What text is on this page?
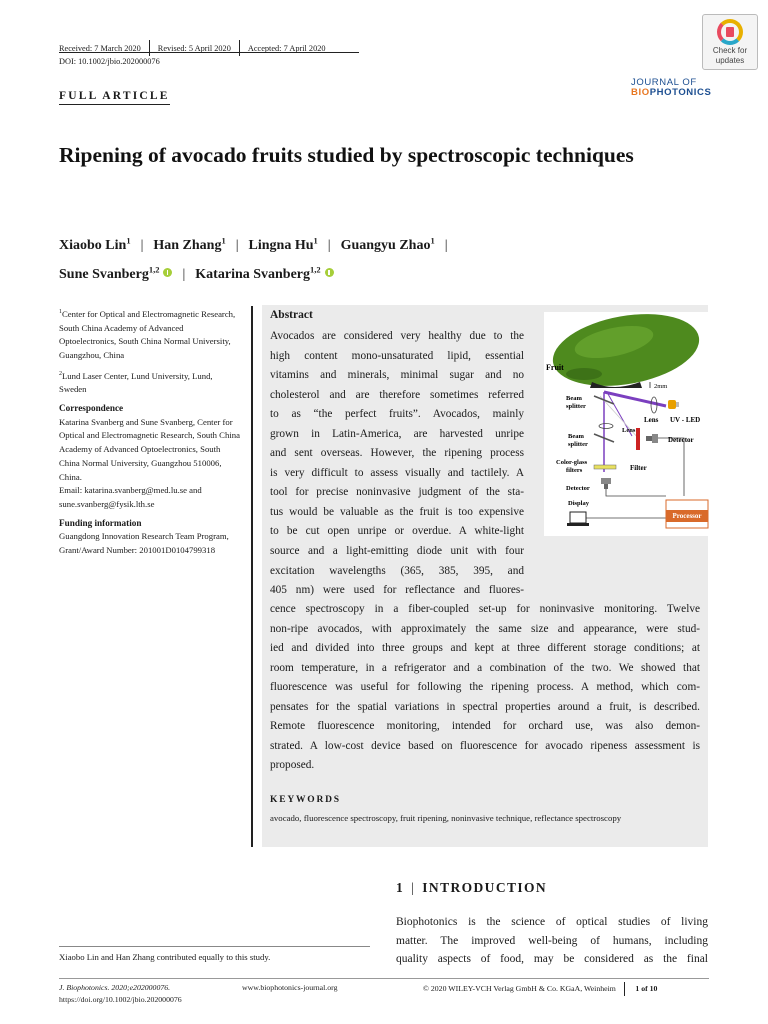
Received: 7 March 2020 Revised: 5 April 2020 Accepted: 7 April 2020
DOI: 10.1002/jbio.202000076
Check for
updates
JOURNAL OF
BIOPHOTONICS
FULL ARTICLE
Ripening of avocado fruits studied by spectroscopic techniques
Xiaobo Lin$^1$ | Han Zhang$^1$ | Lingna Hu$^1$ | Guangyu Zhao$^1$ |
Sune Svanberg$^{1,2}$ | Katarina Svanberg$^{1,2}$

$^1$Center for Optical and Electromagnetic Research, South China Academy of Advanced Optoelectronics, South China Normal University, Guangzhou, China

$^2$Lund Laser Center, Lund University, Lund, Sweden

Correspondence

Katarina Svanberg and Sune Svanberg, Center for Optical and Electromagnetic Research, South China Academy of Advanced Optoelectronics, South China Normal University, Guangzhou 510006, China.
Email: katarina.svanberg@med.lu.se and sune.svanberg@fysik.lth.se

Funding information

Guangdong Innovation Research Team Program, Grant/Award Number: 201001D0104799318

Abstract
Avocados are considered very healthy due to the
high content mono-unsaturated lipid, essential
vitamins and minerals, minimal sugar and no
cholesterol and are therefore sometimes referred
to as “the perfect fruits”. Avocados, mainly
grown in Latin-America, are harvested unripe
and sent overseas. However, the ripening process
is very difficult to assess visually and tactilely. A
tool for precise noninvasive judgment of the sta-
tus would be valuable as the fruit is too expensive
to be cut open unripe or overdue. A white-light
source and a light-emitting diode unit with four
excitation wavelengths (365, 385, 395, and
405 nm) were used for reflectance and fluores-
cence spectroscopy in a fiber-coupled set-up for noninvasive monitoring. Twelve
non-ripe avocados, with approximately the same size and appearance, were stud-
ied and divided into three groups and kept at three different storage conditions; at
room temperature, in a refrigerator and a combination of the two. We showed that
fluorescence was useful for following the ripening process. A method, which com-
pensates for the spatial variations in spectral properties around a fruit, is described.
Remote fluorescence monitoring, intended for orchard use, was also demon-
strated. A low-cost device based on fluorescence for avocado ripeness assessment is
proposed.
Fruit
2mm
Processor
Beam
splitter
Lens UV - LED
Lens
Detector
Beam
splitter
Color-glass
filters	Filter
Detector
Display
KEYWORDS
avocado, fluorescence spectroscopy, fruit ripening, noninvasive technique, reflectance spectroscopy
1 | INTRODUCTION
Biophotonics is the science of optical studies of living
matter. The improved well-being of humans, including
quality aspects of food, may be considered as the final
Xiaobo Lin and Han Zhang contributed equally to this study.
J. Biophotonics. 2020;e202000076.
https://doi.org/10.1002/jbio.202000076
www.biophotonics-journal.org	© 2020 WILEY-VCH Verlag GmbH & Co. KGaA, Weinheim	1 of 10
